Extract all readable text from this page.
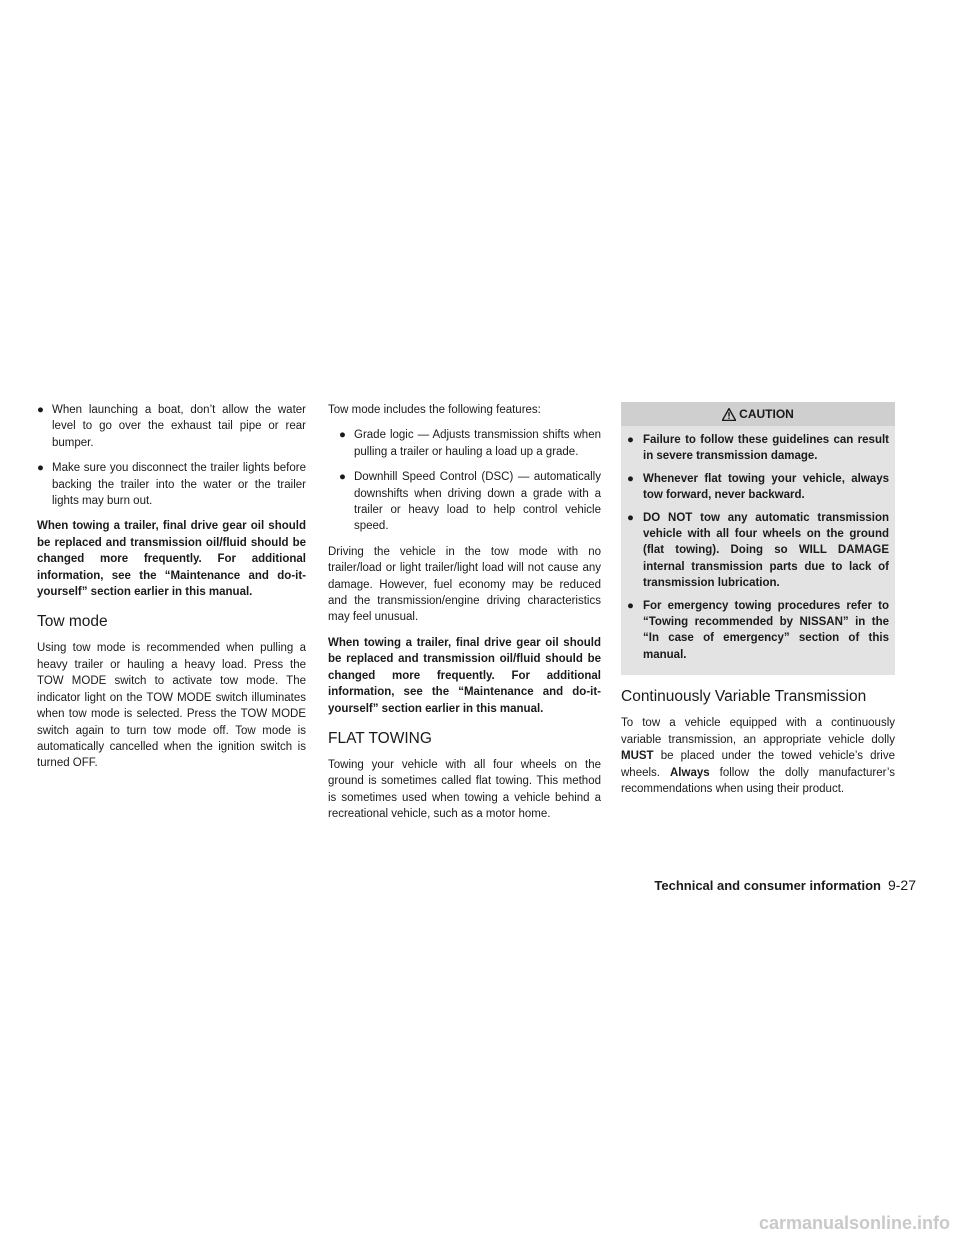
● When launching a boat, don’t allow the water level to go over the exhaust tail pipe or rear bumper.
● Make sure you disconnect the trailer lights before backing the trailer into the water or the trailer lights may burn out.

When towing a trailer, final drive gear oil should be replaced and transmission oil/fluid should be changed more frequently. For additional information, see the “Maintenance and do-it-yourself” section earlier in this manual.

Tow mode

Using tow mode is recommended when pulling a heavy trailer or hauling a heavy load. Press the TOW MODE switch to activate tow mode. The indicator light on the TOW MODE switch illuminates when tow mode is selected. Press the TOW MODE switch again to turn tow mode off. Tow mode is automatically cancelled when the ignition switch is turned OFF.

Tow mode includes the following features:

● Grade logic — Adjusts transmission shifts when pulling a trailer or hauling a load up a grade.
● Downhill Speed Control (DSC) — automatically downshifts when driving down a grade with a trailer or heavy load to help control vehicle speed.

Driving the vehicle in the tow mode with no trailer/load or light trailer/light load will not cause any damage. However, fuel economy may be reduced and the transmission/engine driving characteristics may feel unusual.

When towing a trailer, final drive gear oil should be replaced and transmission oil/fluid should be changed more frequently. For additional information, see the “Maintenance and do-it-yourself” section earlier in this manual.

FLAT TOWING

Towing your vehicle with all four wheels on the ground is sometimes called flat towing. This method is sometimes used when towing a vehicle behind a recreational vehicle, such as a motor home.

CAUTION
● Failure to follow these guidelines can result in severe transmission damage.
● Whenever flat towing your vehicle, always tow forward, never backward.
● DO NOT tow any automatic transmission vehicle with all four wheels on the ground (flat towing). Doing so WILL DAMAGE internal transmission parts due to lack of transmission lubrication.
● For emergency towing procedures refer to “Towing recommended by NISSAN” in the “In case of emergency” section of this manual.
Continuously Variable Transmission

To tow a vehicle equipped with a continuously variable transmission, an appropriate vehicle dolly MUST be placed under the towed vehicle’s drive wheels. Always follow the dolly manufacturer’s recommendations when using their product.

Technical and consumer information 9-27
carmanualsonline.info
